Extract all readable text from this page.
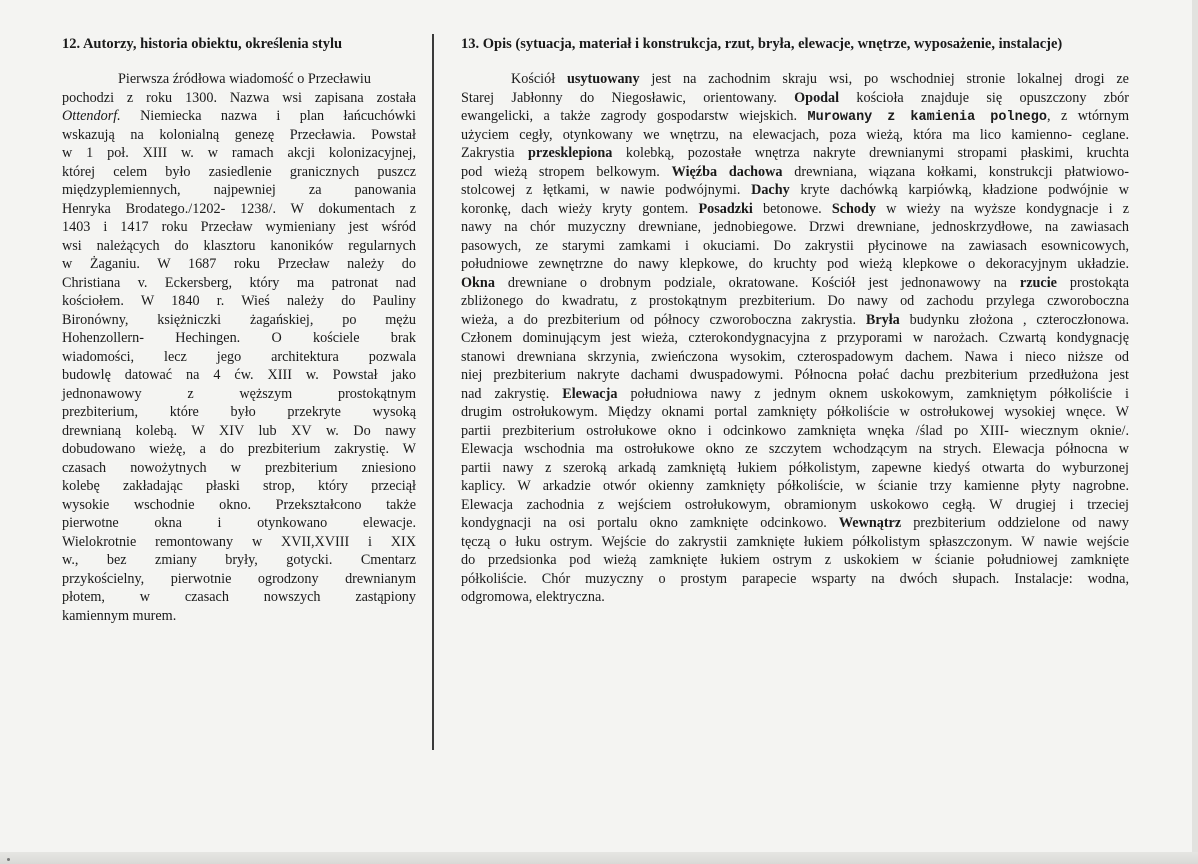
12. Autorzy, historia obiektu, określenia stylu
Pierwsza źródłowa wiadomość o Przecławiu
pochodzi z roku 1300. Nazwa wsi zapisana została
Ottendorf. Niemiecka nazwa i plan łańcuchówki
wskazują na kolonialną genezę Przecławia. Powstał
w 1 poł. XIII w. w ramach akcji kolonizacyjnej,
której celem było zasiedlenie granicznych puszcz
międzyplemiennych, najpewniej za panowania
Henryka Brodatego./1202- 1238/. W dokumentach z
1403 i 1417 roku Przecław wymieniany jest wśród
wsi należących do klasztoru kanoników regularnych
w Żaganiu. W 1687 roku Przecław należy do
Christiana v. Eckersberg, który ma patronat nad
kościołem. W 1840 r. Wieś należy do Pauliny
Bironówny, księżniczki żagańskiej, po mężu
Hohenzollern- Hechingen. O kościele brak
wiadomości, lecz jego architektura pozwala
budowlę datować na 4 ćw. XIII w. Powstał jako
jednonawowy z węższym prostokątnym
prezbiterium, które było przekryte wysoką
drewnianą kolebą. W XIV lub XV w. Do nawy
dobudowano wieżę, a do prezbiterium zakrystię. W
czasach nowożytnych w prezbiterium zniesiono
kolebę zakładając płaski strop, który przeciął
wysokie wschodnie okno. Przekształcono także
pierwotne okna i otynkowano elewacje.
Wielokrotnie remontowany w XVII,XVIII i XIX
w., bez zmiany bryły, gotycki. Cmentarz
przykościelny, pierwotnie ogrodzony drewnianym
płotem, w czasach nowszych zastąpiony
kamiennym murem.
13. Opis (sytuacja, materiał i konstrukcja, rzut, bryła, elewacje, wnętrze, wyposażenie, instalacje)
Kościół usytuowany jest na zachodnim skraju wsi, po wschodniej stronie lokalnej drogi ze
Starej Jabłonny do Niegosławic, orientowany. Opodal kościoła znajduje się opuszczony zbór
ewangelicki, a także zagrody gospodarstw wiejskich. Murowany z kamienia polnego, z wtórnym
użyciem cegły, otynkowany we wnętrzu, na elewacjach, poza wieżą, która ma lico kamienno- ceglane.
Zakrystia przesklepiona kolebką, pozostałe wnętrza nakryte drewnianymi stropami płaskimi, kruchta
pod wieżą stropem belkowym. Więźba dachowa drewniana, wiązana kołkami, konstrukcji płatwiowo-
stolcowej z łętkami, w nawie podwójnymi. Dachy kryte dachówką karpiówką, kładzione podwójnie w
koronkę, dach wieży kryty gontem. Posadzki betonowe. Schody w wieży na wyższe kondygnacje i z
nawy na chór muzyczny drewniane, jednobiegowe. Drzwi drewniane, jednoskrzydłowe, na zawiasach
pasowych, ze starymi zamkami i okuciami. Do zakrystii płycinowe na zawiasach esownicowych,
południowe zewnętrzne do nawy klepkowe, do kruchty pod wieżą klepkowe o dekoracyjnym układzie.
Okna drewniane o drobnym podziale, okratowane. Kościół jest jednonawowy na rzucie prostokąta
zbliżonego do kwadratu, z prostokątnym prezbiterium. Do nawy od zachodu przylega czworoboczna
wieża, a do prezbiterium od północy czworoboczna zakrystia. Bryła budynku złożona , czteroczłonowa.
Członem dominującym jest wieża, czterokondygnacyjna z przyporami w narożach. Czwartą kondygnację
stanowi drewniana skrzynia, zwieńczona wysokim, czterospadowym dachem. Nawa i nieco niższe od
niej prezbiterium nakryte dachami dwuspadowymi. Północna połać dachu prezbiterium przedłużona jest
nad zakrystię. Elewacja południowa nawy z jednym oknem uskokowym, zamkniętym półkoliście i
drugim ostrołukowym. Między oknami portal zamknięty półkoliście w ostrołukowej wysokiej wnęce. W
partii prezbiterium ostrołukowe okno i odcinkowo zamknięta wnęka /ślad po XIII- wiecznym oknie/.
Elewacja wschodnia ma ostrołukowe okno ze szczytem wchodzącym na strych. Elewacja północna w
partii nawy z szeroką arkadą zamkniętą łukiem półkolistym, zapewne kiedyś otwarta do wyburzonej
kaplicy. W arkadzie otwór okienny zamknięty półkoliście, w ścianie trzy kamienne płyty nagrobne.
Elewacja zachodnia z wejściem ostrołukowym, obramionym uskokowo cegłą. W drugiej i trzeciej
kondygnacji na osi portalu okno zamknięte odcinkowo. Wewnątrz prezbiterium oddzielone od nawy
tęczą o łuku ostrym. Wejście do zakrystii zamknięte łukiem półkolistym spłaszczonym. W nawie wejście
do przedsionka pod wieżą zamknięte łukiem ostrym z uskokiem w ścianie południowej zamknięte
półkoliście. Chór muzyczny o prostym parapecie wsparty na dwóch słupach. Instalacje: wodna,
odgromowa, elektryczna.
